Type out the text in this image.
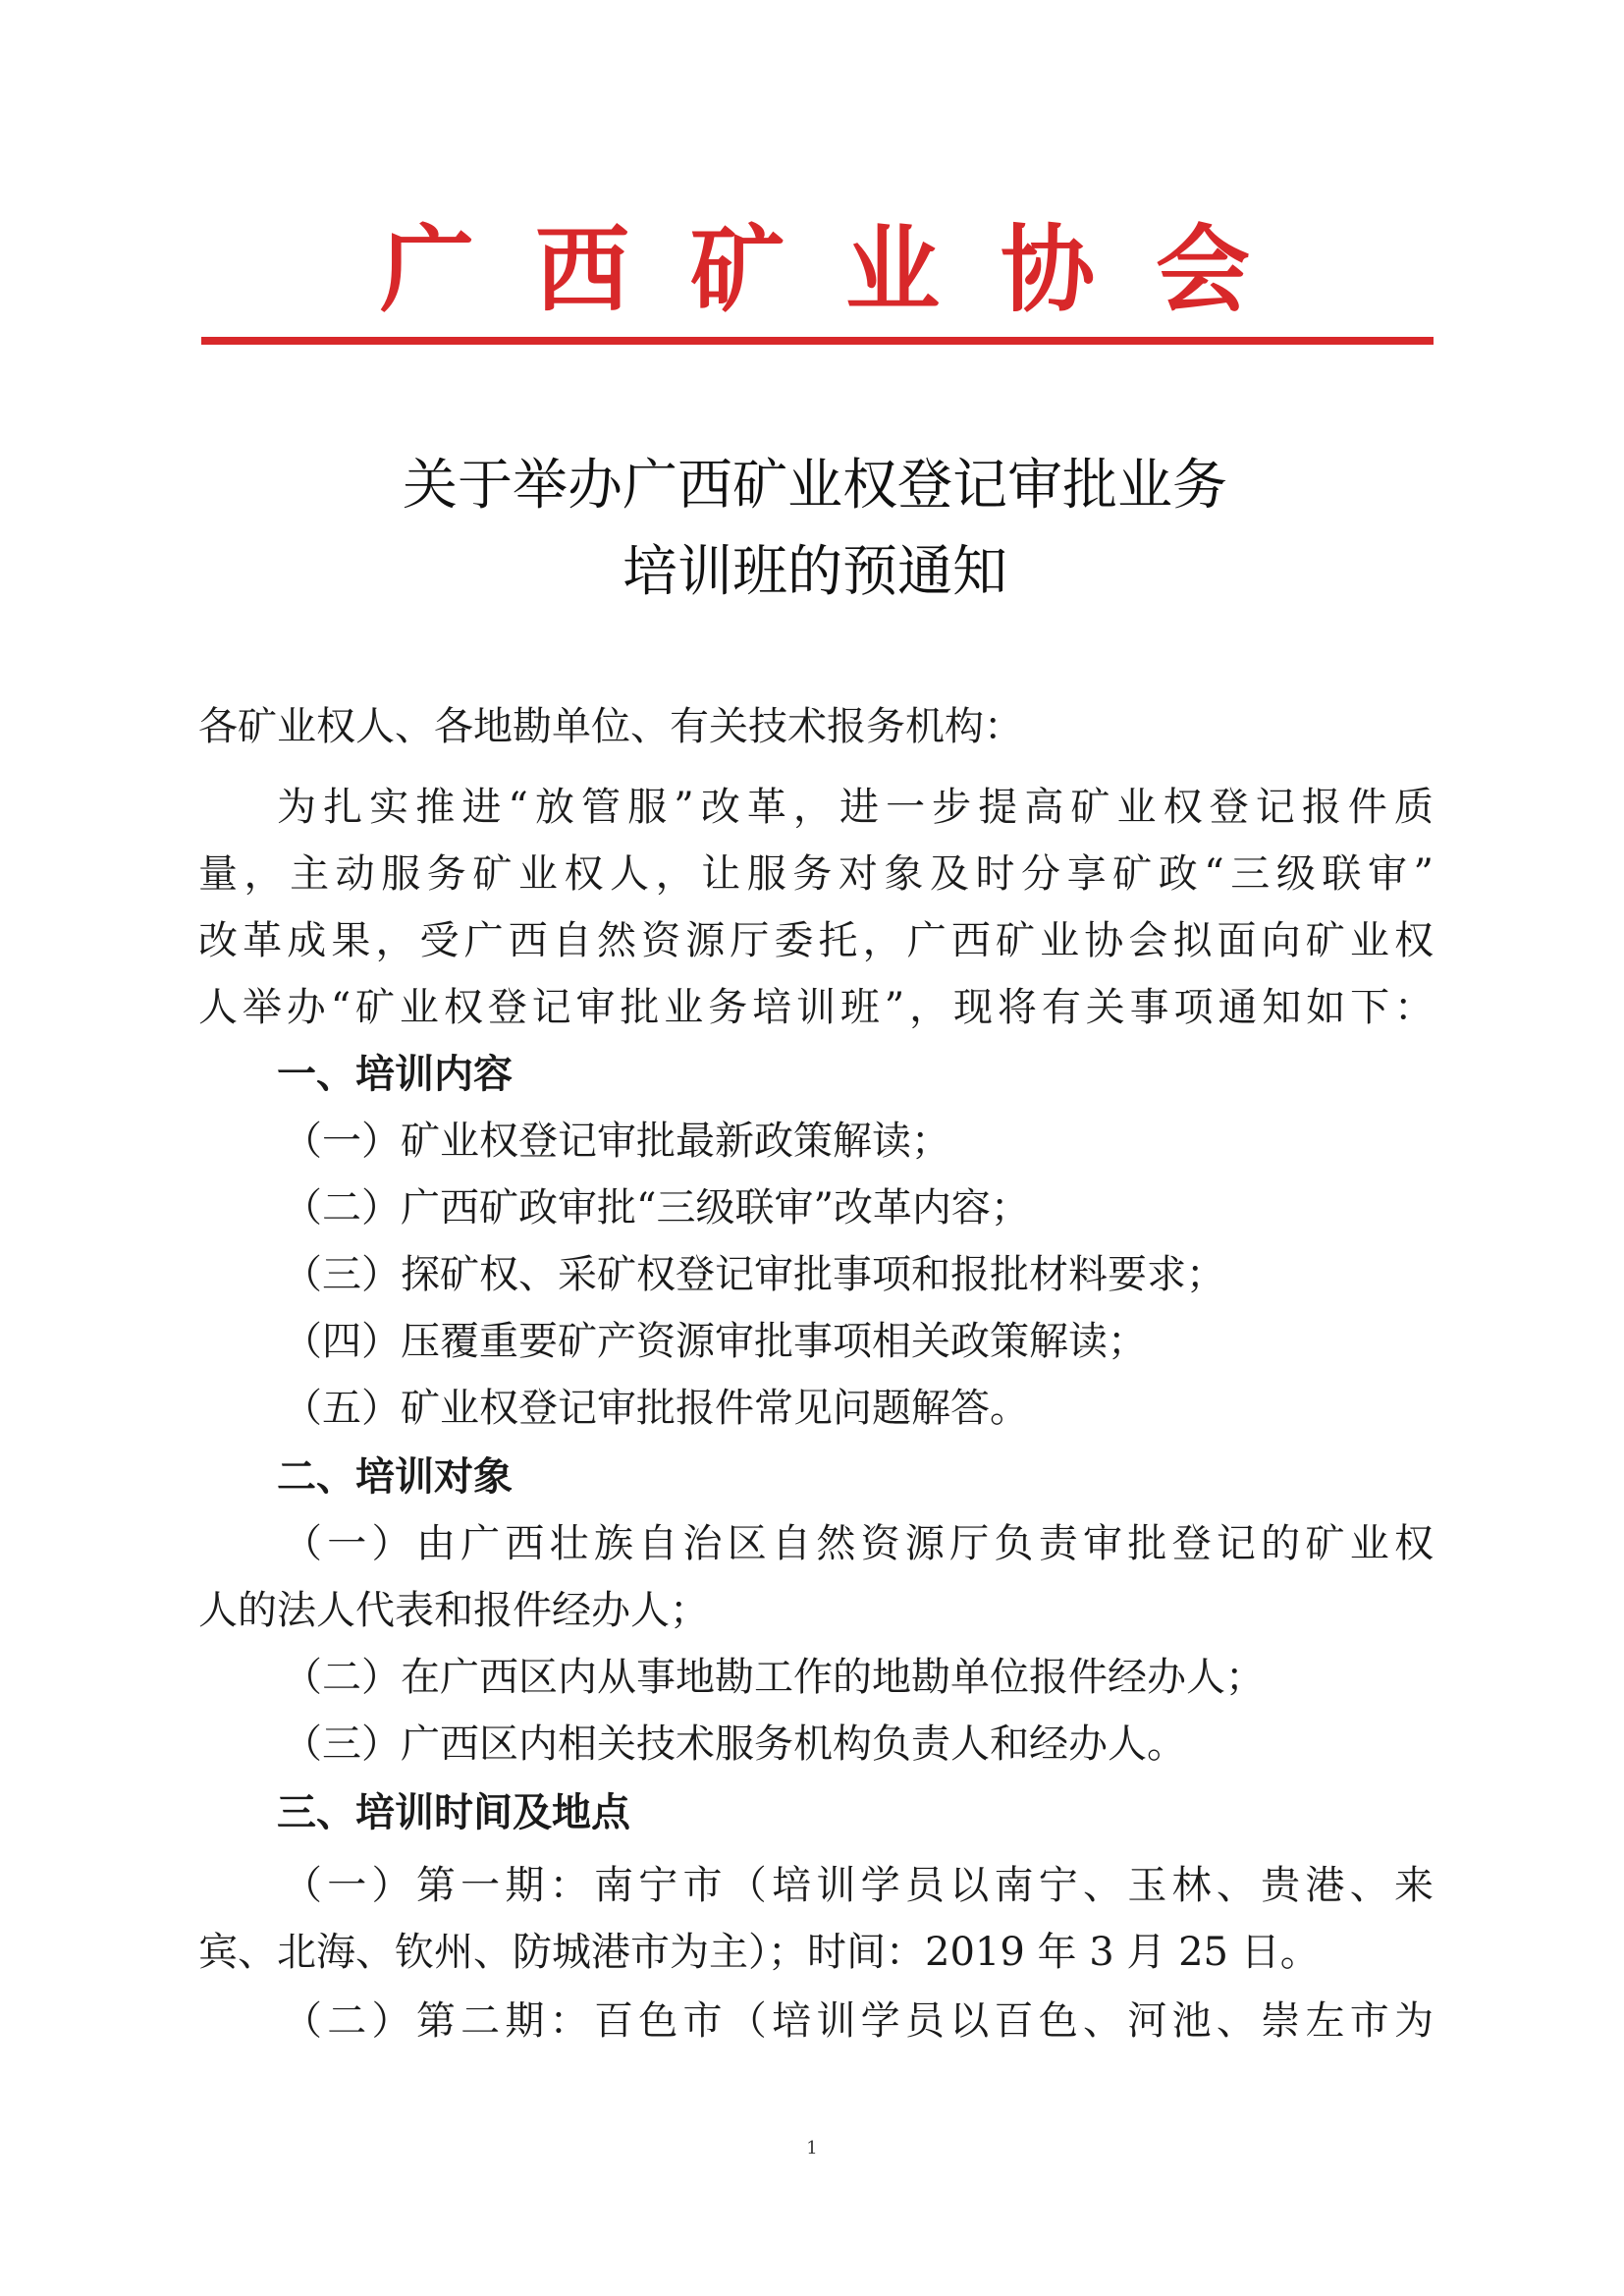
广西矿业协会
关于举办广西矿业权登记审批业务
培训班的预通知
各矿业权人、各地勘单位、有关技术报务机构：
为扎实推进“放管服”改革，进一步提高矿业权登记报件质
量，主动服务矿业权人，让服务对象及时分享矿政“三级联审”
改革成果，受广西自然资源厅委托，广西矿业协会拟面向矿业权
人举办“矿业权登记审批业务培训班”，现将有关事项通知如下：
一、培训内容
（一）矿业权登记审批最新政策解读；
（二）广西矿政审批“三级联审”改革内容；
（三）探矿权、采矿权登记审批事项和报批材料要求；
（四）压覆重要矿产资源审批事项相关政策解读；
（五）矿业权登记审批报件常见问题解答。
二、培训对象
（一）由广西壮族自治区自然资源厅负责审批登记的矿业权
人的法人代表和报件经办人；
（二）在广西区内从事地勘工作的地勘单位报件经办人；
（三）广西区内相关技术服务机构负责人和经办人。
三、培训时间及地点
（一）第一期：南宁市（培训学员以南宁、玉林、贵港、来
宾、北海、钦州、防城港市为主）；时间：2019 年 3 月 25 日。
（二）第二期：百色市（培训学员以百色、河池、崇左市为
1
